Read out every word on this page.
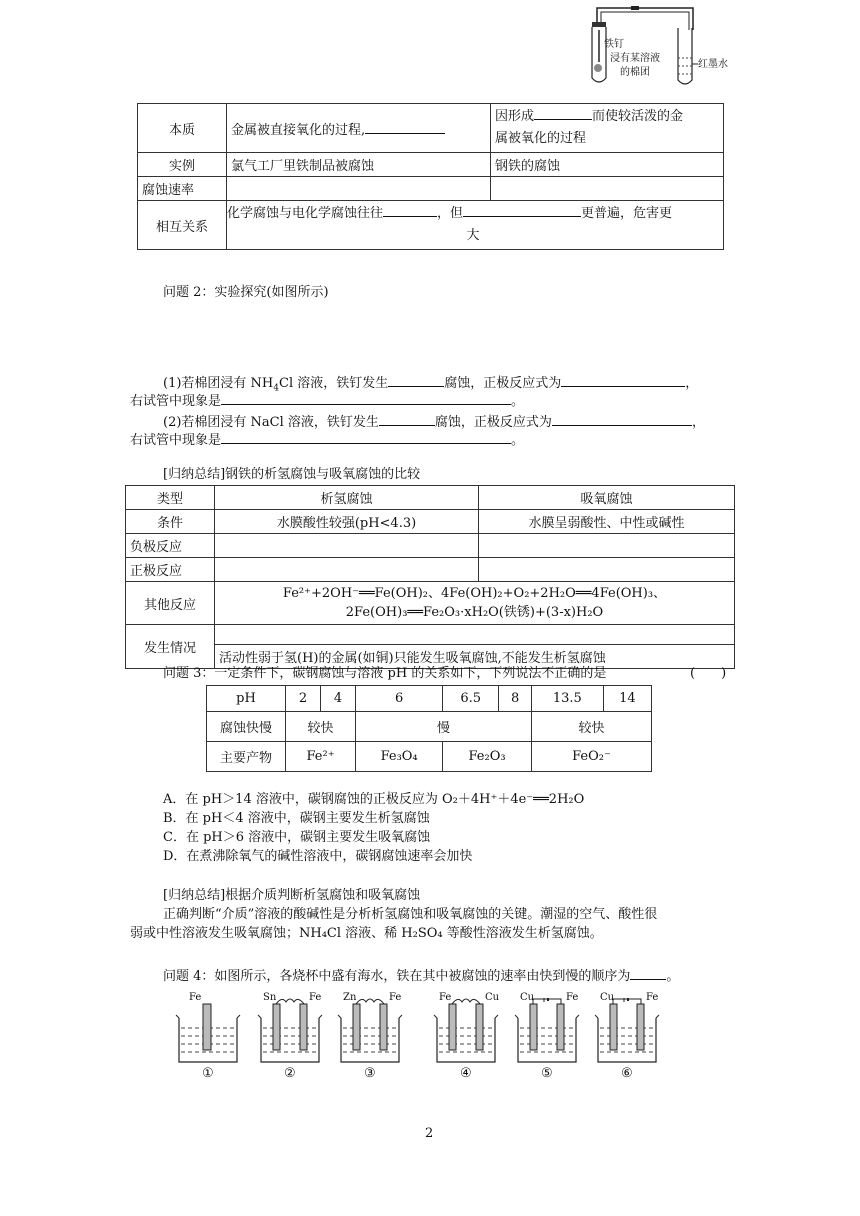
铁钉
浸有某溶液
的棉团
红墨水
本质	金属被直接氧化的过程,	因形成 而使较活泼的金
属被氧化的过程
实例	氯气工厂里铁制品被腐蚀	钢铁的腐蚀
腐蚀速率		
相互关系	化学腐蚀与电化学腐蚀往往 ，但 更普遍，危害更

大	
问题 2：实验探究(如图所示)
(1)若棉团浸有 $NH_4Cl$ 溶液，铁钉发生	腐蚀，正极反应式为	，
右试管中现象是	。
(2)若棉团浸有 NaCl 溶液，铁钉发生	腐蚀，正极反应式为	，
右试管中现象是	。
[归纳总结]钢铁的析氢腐蚀与吸氧腐蚀的比较
类型	析氢腐蚀	吸氧腐蚀
条件	水膜酸性较强(pH<4.3)	水膜呈弱酸性、中性或碱性
负极反应		
正极反应		
其他反应	Fe²⁺+2OH⁻══Fe(OH)₂、4Fe(OH)₂+O₂+2H₂O══4Fe(OH)₃、
2Fe(OH)₃══Fe₂O₃·xH₂O(铁锈)+(3-x)H₂O	
发生情况		
	活动性弱于氢(H)的金属(如铜)只能发生吸氧腐蚀,不能发生析氢腐蚀	
问题 3：一定条件下，碳钢腐蚀与溶液 pH 的关系如下，下列说法不正确的是	(　　)
pH	2	4	6	6.5	8	13.5	14
腐蚀快慢	较快		慢			较快	
主要产物	Fe²⁺		Fe₃O₄	Fe₂O₃		FeO₂⁻	
A．在 pH＞14 溶液中，碳钢腐蚀的正极反应为 O₂＋4H⁺＋4e⁻══2H₂O
B．在 pH＜4 溶液中，碳钢主要发生析氢腐蚀
C．在 pH＞6 溶液中，碳钢主要发生吸氧腐蚀
D．在煮沸除氧气的碱性溶液中，碳钢腐蚀速率会加快
[归纳总结]根据介质判断析氢腐蚀和吸氧腐蚀
正确判断“介质”溶液的酸碱性是分析析氢腐蚀和吸氧腐蚀的关键。潮湿的空气、酸性很
弱或中性溶液发生吸氧腐蚀；NH₄Cl 溶液、稀 H₂SO₄ 等酸性溶液发生析氢腐蚀。
问题 4：如图所示，各烧杯中盛有海水，铁在其中被腐蚀的速率由快到慢的顺序为	。
Fe
①
Sn	Fe
②
Zn	Fe
③
Fe	Cu
④
Cu	Fe
⑤
Cu	Fe
⑥
2
